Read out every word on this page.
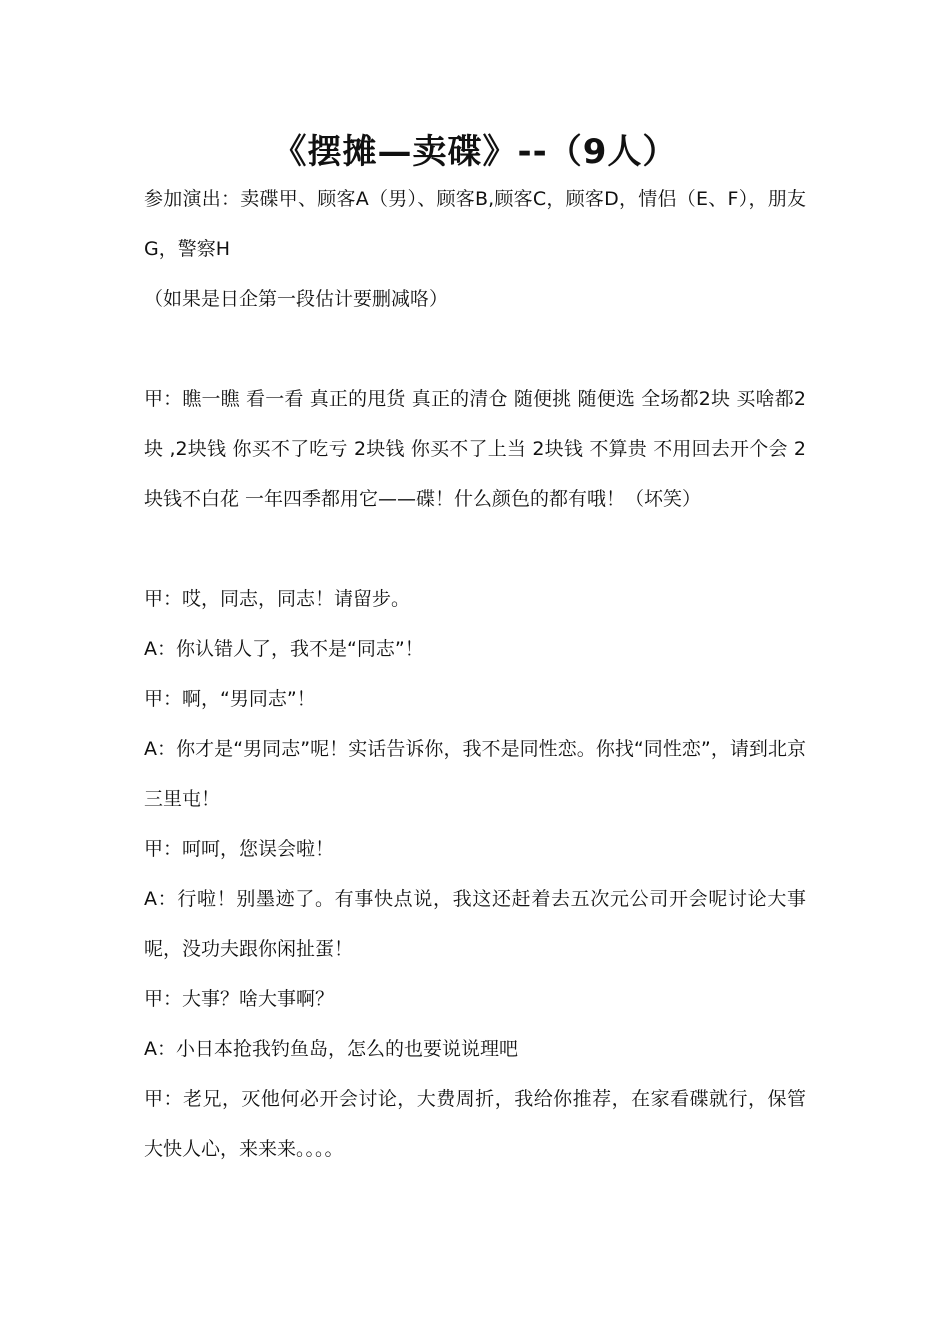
《摆摊—卖碟》--（9人）

参加演出：卖碟甲、顾客A（男）、顾客B,顾客C，顾客D，情侣（E、F），朋友G，警察H

（如果是日企第一段估计要删减咯）

甲：瞧一瞧 看一看 真正的甩货 真正的清仓 随便挑 随便选 全场都2块 买啥都2块 ,2块钱 你买不了吃亏 2块钱 你买不了上当 2块钱 不算贵 不用回去开个会 2块钱不白花 一年四季都用它——碟！什么颜色的都有哦！（坏笑）

甲：哎，同志，同志！请留步。

A：你认错人了，我不是“同志”！

甲：啊，“男同志”！

A：你才是“男同志”呢！实话告诉你，我不是同性恋。你找“同性恋”，请到北京三里屯！

甲：呵呵，您误会啦！

A：行啦！别墨迹了。有事快点说，我这还赶着去五次元公司开会呢讨论大事呢，没功夫跟你闲扯蛋！

甲：大事？啥大事啊？

A：小日本抢我钓鱼岛，怎么的也要说说理吧

甲：老兄，灭他何必开会讨论，大费周折，我给你推荐，在家看碟就行，保管大快人心，来来来。。。。
